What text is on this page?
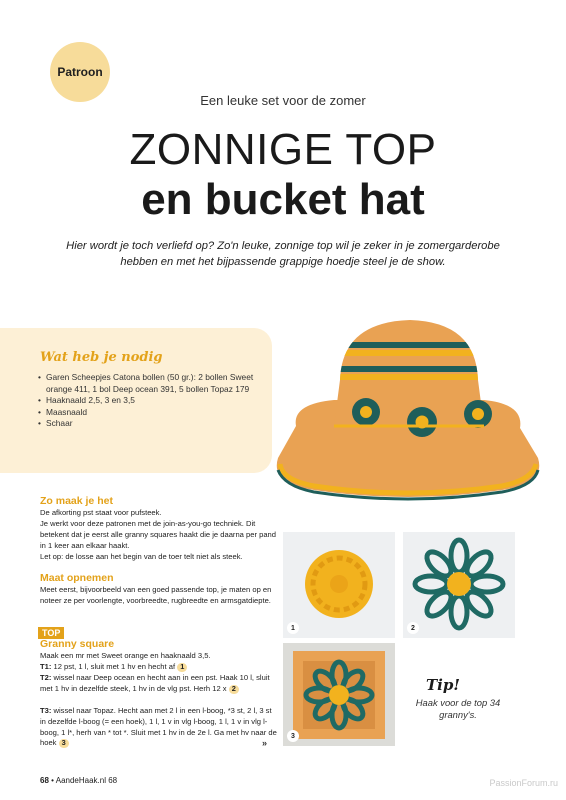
Patroon
Een leuke set voor de zomer
ZONNIGE TOP
en bucket hat
Hier wordt je toch verliefd op? Zo'n leuke, zonnige top wil je zeker in je zomergarderobe hebben en met het bijpassende grappige hoedje steel je de show.
Wat heb je nodig
• Garen Scheepjes Catona bollen (50 gr.): 2 bollen Sweet orange 411, 1 bol Deep ocean 391, 5 bollen Topaz 179
• Haaknaald 2,5, 3 en 3,5
• Maasnaald
• Schaar
Zo maak je het
De afkorting pst staat voor pufsteek.
Je werkt voor deze patronen met de join-as-you-go techniek. Dit betekent dat je eerst alle granny squares haakt die je daarna per pand in 1 keer aan elkaar haakt.
Let op: de losse aan het begin van de toer telt niet als steek.
Maat opnemen
Meet eerst, bijvoorbeeld van een goed passende top, je maten op en noteer ze per voorlengte, voorbreedte, rugbreedte en armsgatdiepte.
TOP
Granny square
Maak een mr met Sweet orange en haaknaald 3,5.
T1: 12 pst, 1 l, sluit met 1 hv en hecht af 1
T2: wissel naar Deep ocean en hecht aan in een pst. Haak 10 l, sluit met 1 hv in dezelfde steek, 1 hv in de vlg pst. Herh 12 x 2
T3: wissel naar Topaz. Hecht aan met 2 l in een l-boog, *3 st, 2 l, 3 st in dezelfde l-boog (= een hoek), 1 l, 1 v in vlg l-boog, 1 l, 1 v in vlg l-boog, 1 l*, herh van * tot *. Sluit met 1 hv in de 2e l. Ga met hv naar de hoek 3	»
1	2
3
Tip!
Haak voor de top 34 granny's.
68 • AandeHaak.nl 68	PassionForum.ru
